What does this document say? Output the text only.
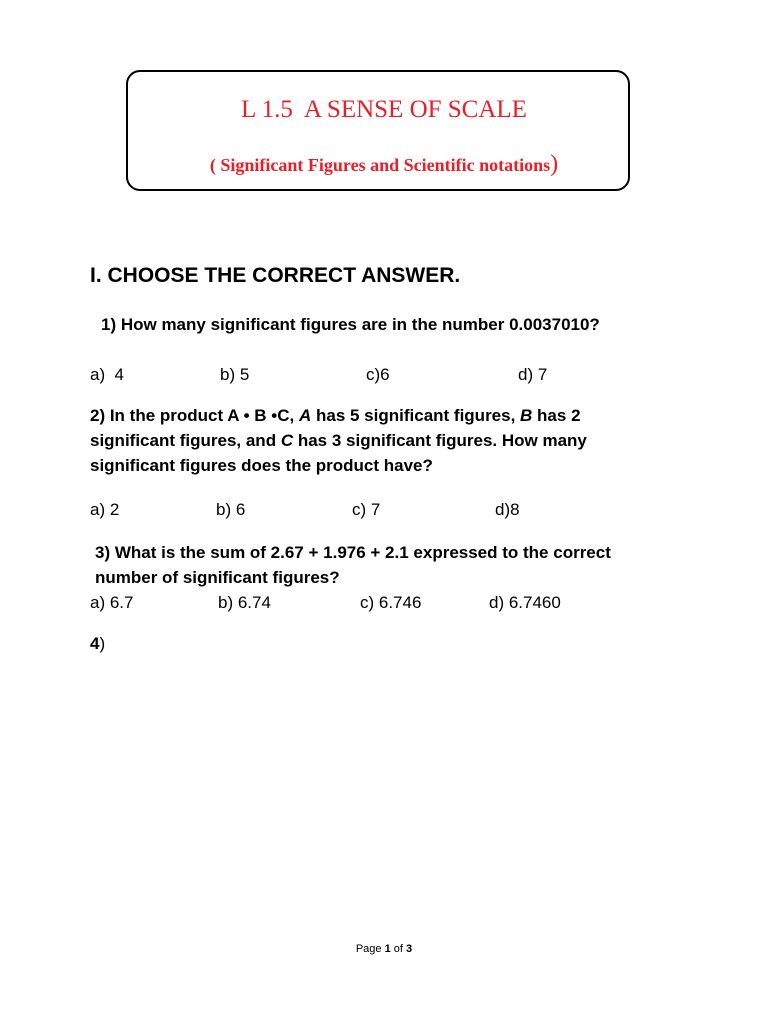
L 1.5  A SENSE OF SCALE

( Significant Figures and Scientific notations)

I. CHOOSE THE CORRECT ANSWER.

1) How many significant figures are in the number 0.0037010?

a)  4	b) 5	c)6	d) 7

2) In the product A • B •C, A has 5 significant figures, B has 2
significant figures, and C has 3 significant figures. How many
significant figures does the product have?

a) 2	b) 6	c) 7	d)8

3) What is the sum of 2.67 + 1.976 + 2.1 expressed to the correct
number of significant figures?

a) 6.7	b) 6.74	c) 6.746	d) 6.7460

4)

Page 1 of 3
